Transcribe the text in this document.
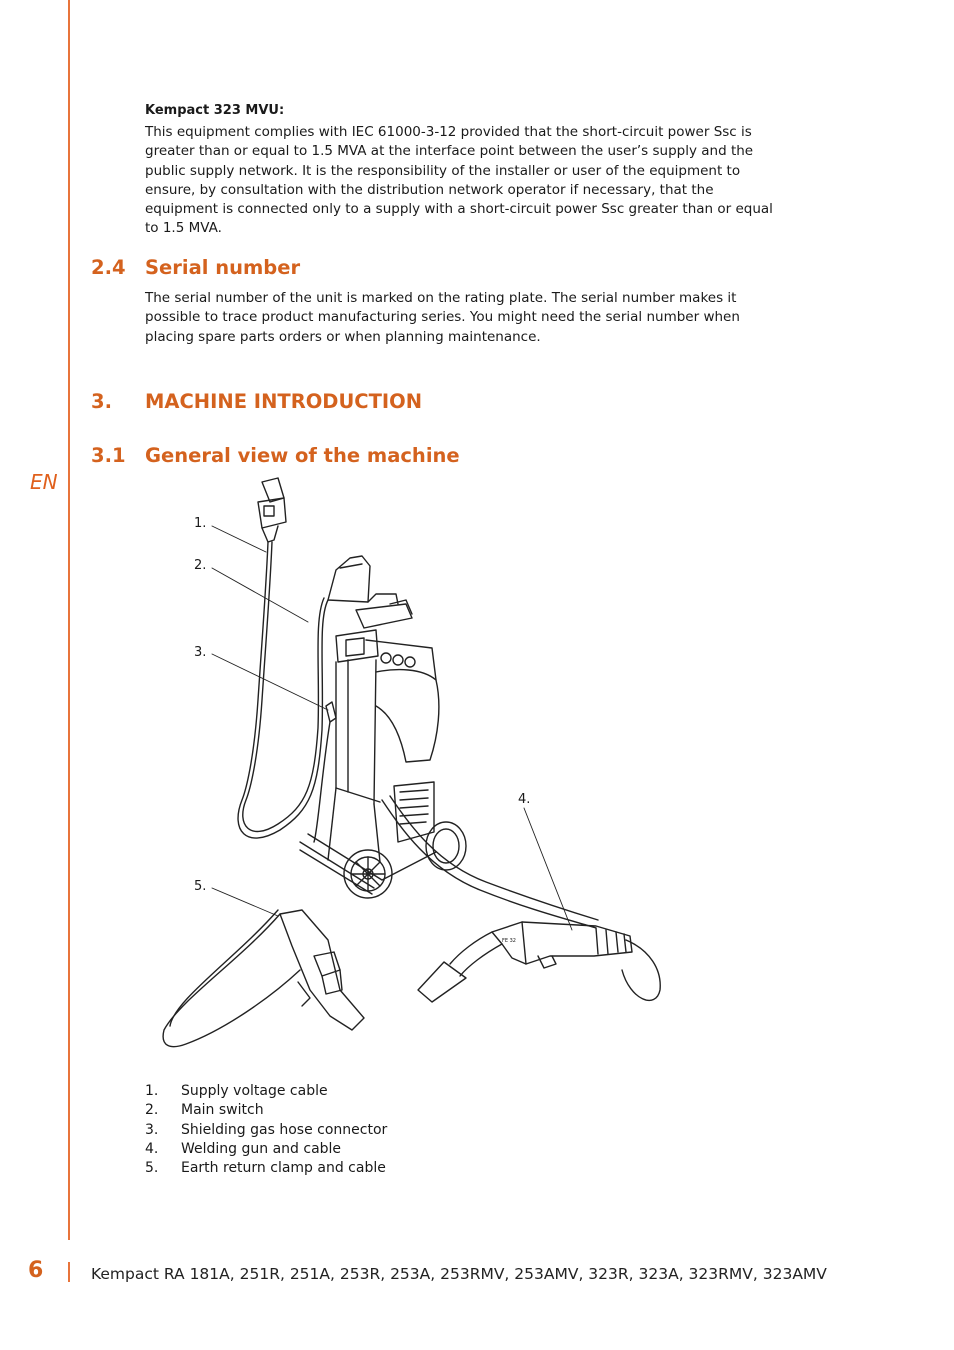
EN

Kempact 323 MVU:

This equipment complies with IEC 61000-3-12 provided that the short-circuit power Ssc is greater than or equal to 1.5 MVA at the interface point between the user’s supply and the public supply network. It is the responsibility of the installer or user of the equipment to ensure, by consultation with the distribution network operator if necessary, that the equipment is connected only to a supply with a short-circuit power Ssc greater than or equal to 1.5 MVA.

2.4 Serial number

The serial number of the unit is marked on the rating plate. The serial number makes it possible to trace product manufacturing series. You might need the serial number when placing spare parts orders or when planning maintenance.

3. MACHINE INTRODUCTION
3.1 General view of the machine
FE 32
1.
2.
3.
4.
5.
1.	Supply voltage cable
2.	Main switch
3.	Shielding gas hose connector
4.	Welding gun and cable
5.	Earth return clamp and cable
6	Kempact RA 181A, 251R, 251A, 253R, 253A, 253RMV, 253AMV, 323R, 323A, 323RMV, 323AMV
